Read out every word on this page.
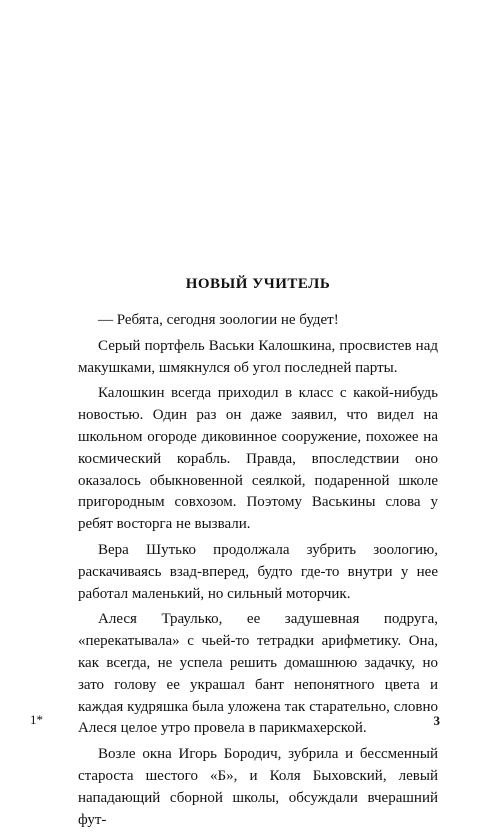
НОВЫЙ УЧИТЕЛЬ

— Ребята, сегодня зоологии не будет!

Серый портфель Васьки Калошкина, просвистев над макушками, шмякнулся об угол последней парты.

Калошкин всегда приходил в класс с какой-нибудь новостью. Один раз он даже заявил, что видел на школьном огороде диковинное сооружение, похожее на космический корабль. Правда, впоследствии оно оказалось обыкновенной сеялкой, подаренной школе пригородным совхозом. Поэтому Васькины слова у ребят восторга не вызвали.

Вера Шутько продолжала зубрить зоологию, раскачиваясь взад-вперед, будто где-то внутри у нее работал маленький, но сильный моторчик.

Алеся Траулько, ее задушевная подруга, «перекатывала» с чьей-то тетрадки арифметику. Она, как всегда, не успела решить домашнюю задачку, но зато голову ее украшал бант непонятного цвета и каждая кудряшка была уложена так старательно, словно Алеся целое утро провела в парикмахерской.

Возле окна Игорь Бородич, зубрила и бессменный староста шестого «Б», и Коля Быховский, левый нападающий сборной школы, обсуждали вчерашний фут-

1*	3
